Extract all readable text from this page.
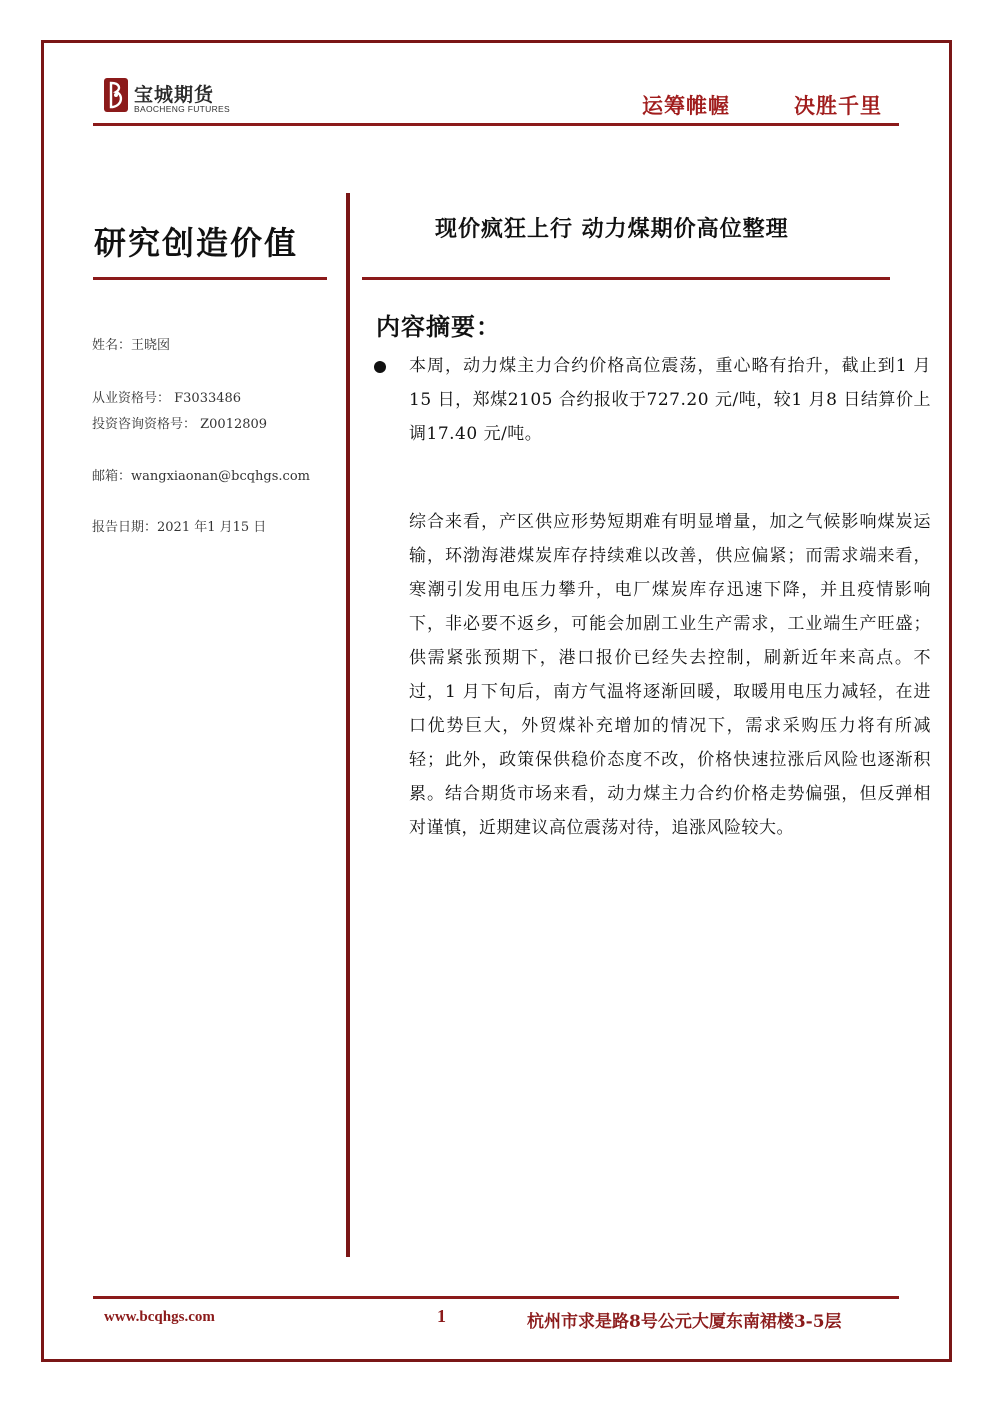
宝城期货
BAOCHENG FUTURES	运筹帷幄	决胜千里
研究创造价值
姓名：王晓囡
从业资格号： F3033486
投资咨询资格号： Z0012809
邮箱：wangxiaonan@bcqhgs.com
报告日期：2021 年1 月15 日
现价疯狂上行 动力煤期价高位整理
内容摘要：
本周，动力煤主力合约价格高位震荡，重心略有抬升，截止到1 月15 日，郑煤2105 合约报收于727.20 元/吨，较1 月8 日结算价上调17.40 元/吨。
综合来看，产区供应形势短期难有明显增量，加之气候影响煤炭运输，环渤海港煤炭库存持续难以改善，供应偏紧；而需求端来看，寒潮引发用电压力攀升，电厂煤炭库存迅速下降，并且疫情影响下，非必要不返乡，可能会加剧工业生产需求，工业端生产旺盛；供需紧张预期下，港口报价已经失去控制，刷新近年来高点。不过，1 月下旬后，南方气温将逐渐回暖，取暖用电压力减轻，在进口优势巨大，外贸煤补充增加的情况下，需求采购压力将有所减轻；此外，政策保供稳价态度不改，价格快速拉涨后风险也逐渐积累。结合期货市场来看，动力煤主力合约价格走势偏强，但反弹相对谨慎，近期建议高位震荡对待，追涨风险较大。
www.bcqhgs.com	1	杭州市求是路8号公元大厦东南裙楼3-5层
